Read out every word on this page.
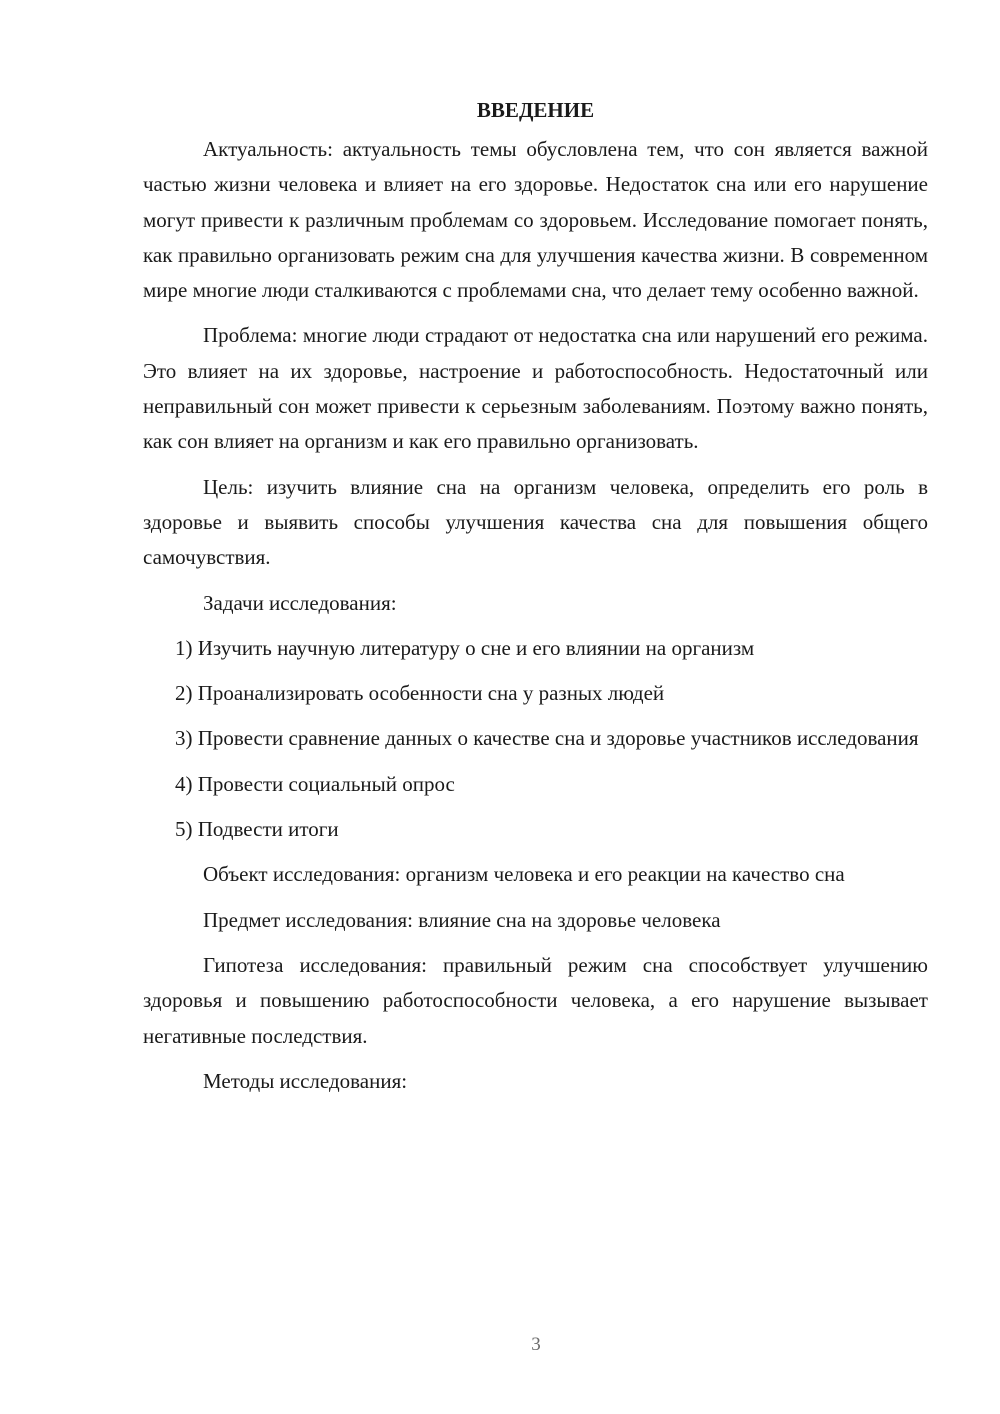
ВВЕДЕНИЕ

Актуальность: актуальность темы обусловлена тем, что сон является важной частью жизни человека и влияет на его здоровье. Недостаток сна или его нарушение могут привести к различным проблемам со здоровьем. Исследование помогает понять, как правильно организовать режим сна для улучшения качества жизни. В современном мире многие люди сталкиваются с проблемами сна, что делает тему особенно важной.

Проблема: многие люди страдают от недостатка сна или нарушений его режима. Это влияет на их здоровье, настроение и работоспособность. Недостаточный или неправильный сон может привести к серьезным заболеваниям. Поэтому важно понять, как сон влияет на организм и как его правильно организовать.

Цель: изучить влияние сна на организм человека, определить его роль в здоровье и выявить способы улучшения качества сна для повышения общего самочувствия.

Задачи исследования:

1) Изучить научную литературу о сне и его влиянии на организм

2) Проанализировать особенности сна у разных людей

3) Провести сравнение данных о качестве сна и здоровье участников исследования

4) Провести социальный опрос

5) Подвести итоги

Объект исследования: организм человека и его реакции на качество сна

Предмет исследования: влияние сна на здоровье человека

Гипотеза исследования: правильный режим сна способствует улучшению здоровья и повышению работоспособности человека, а его нарушение вызывает негативные последствия.

Методы исследования:

3
